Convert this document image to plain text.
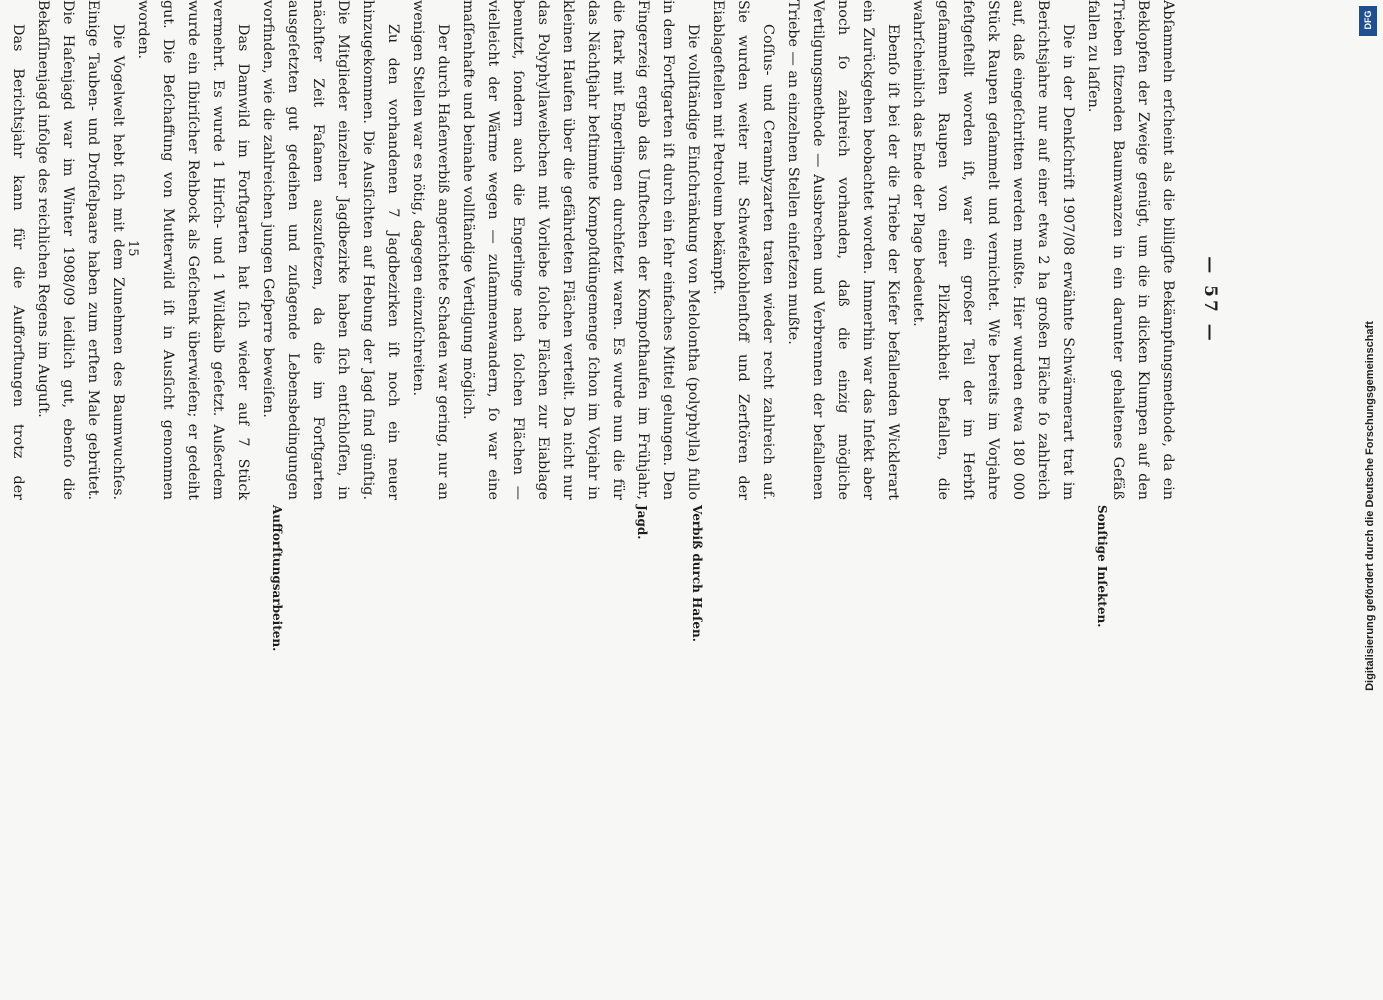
— 57 —

Abſammeln erſcheint als die billigſte Bekämpfungsmethode, da ein Beklopfen der Zweige genügt, um die in dicken Klumpen auf den Trieben ſitzenden Baumwanzen in ein darunter gehaltenes Gefäß fallen zu laſſen.

Die in der Denkſchrift 1907/08 erwähnte Schwärmerart trat im Berichtsjahre nur auf einer etwa 2 ha großen Fläche ſo zahlreich auf, daß eingeſchritten werden mußte. Hier wurden etwa 180 000 Stück Raupen geſammelt und vernichtet. Wie bereits im Vorjahre feſtgeſtellt worden iſt, war ein großer Teil der im Herbſt geſammelten Raupen von einer Pilzkrankheit befallen, die wahrſcheinlich das Ende der Plage bedeutet.

Ebenſo iſt bei der die Triebe der Kiefer befallenden Wicklerart ein Zurückgehen beobachtet worden. Immerhin war das Inſekt aber noch ſo zahlreich vorhanden, daß die einzig mögliche Vertilgungsmethode — Ausbrechen und Verbrennen der befallenen Triebe — an einzelnen Stellen einſetzen mußte.

Coſſus- und Cerambyzarten traten wieder recht zahlreich auf. Sie wurden weiter mit Schwefelkohlenſtoff und Zerſtören der Eiablageſtellen mit Petroleum bekämpft.

Die vollſtändige Einſchränkung von Melolontha (polyphylla) fullo in dem Forſtgarten iſt durch ein ſehr einfaches Mittel gelungen. Den Fingerzeig ergab das Umſtechen der Kompoſthaufen im Frühjahr, die ſtark mit Engerlingen durchſetzt waren. Es wurde nun die für das Nächſtjahr beſtimmte Kompoſtdüngemenge ſchon im Vorjahr in kleinen Haufen über die gefährdeten Flächen verteilt. Da nicht nur das Polyphyllaweibchen mit Vorliebe ſolche Flächen zur Eiablage benutzt, ſondern auch die Engerlinge nach ſolchen Flächen — vielleicht der Wärme wegen — zuſammenwandern, ſo war eine maſſenhafte und beinahe vollſtändige Vertilgung möglich.

Der durch Haſenverbiß angerichtete Schaden war gering, nur an wenigen Stellen war es nötig, dagegen einzuſchreiten.

Zu den vorhandenen 7 Jagdbezirken iſt noch ein neuer hinzugekommen. Die Ausſichten auf Hebung der Jagd ſind günſtig. Die Mitglieder einzelner Jagdbezirke haben ſich entſchloſſen, in nächſter Zeit Faſanen auszuſetzen, da die im Forſtgarten ausgeſetzten gut gedeihen und zuſagende Lebensbedingungen vorfinden, wie die zahlreichen jungen Geſperre beweiſen.

Das Damwild im Forſtgarten hat ſich wieder auf 7 Stück vermehrt. Es wurde 1 Hirſch- und 1 Wildkalb geſetzt. Außerdem wurde ein ſibiriſcher Rehbock als Geſchenk überwieſen; er gedeiht gut. Die Beſchaffung von Mutterwild iſt in Ausſicht genommen worden.

Die Vogelwelt hebt ſich mit dem Zunehmen des Baumwuchſes. Einige Tauben- und Droſſelpaare haben zum erſten Male gebrütet. Die Haſenjagd war im Winter 1908/09 leidlich gut, ebenſo die Bekaſſinenjagd infolge des reichlichen Regens im Auguſt.

Das Berichtsjahr kann für die Aufforſtungen trotz der

Sonſtige Inſekten.
Verbiß durch Haſen.
Jagd.
Aufforſtungsarbeiten.
15
DFG
Digitalisierung gefördert durch die Deutsche Forschungsgemeinschaft
